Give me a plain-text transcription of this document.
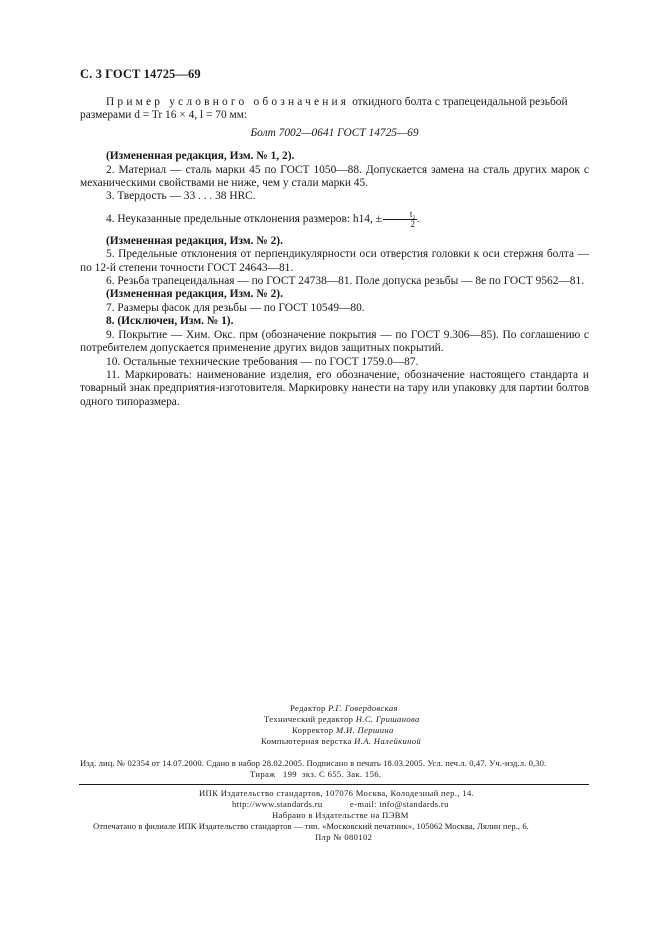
С. 3 ГОСТ 14725—69

Пример условного обозначения откидного болта с трапецеидальной резьбой

размерами d = Tr 16 × 4, l = 70 мм:

Болт 7002—0641 ГОСТ 14725—69

(Измененная редакция, Изм. № 1, 2).

2. Материал — сталь марки 45 по ГОСТ 1050—88. Допускается замена на сталь других марок с механическими свойствами не ниже, чем у стали марки 45.

3. Твердость — 33 . . . 38 HRC.

4. Неуказанные предельные отклонения размеров: h14, ± $\frac{\text{t₂}}{2}$ .

(Измененная редакция, Изм. № 2).

5. Предельные отклонения от перпендикулярности оси отверстия головки к оси стержня болта — по 12-й степени точности ГОСТ 24643—81.

6. Резьба трапецеидальная — по ГОСТ 24738—81. Поле допуска резьбы — 8е по ГОСТ 9562—81.

(Измененная редакция, Изм. № 2).

7. Размеры фасок для резьбы — по ГОСТ 10549—80.

8. (Исключен, Изм. № 1).

9. Покрытие — Хим. Окс. прм (обозначение покрытия — по ГОСТ 9.306—85). По соглашению с потребителем допускается применение других видов защитных покрытий.

10. Остальные технические требования — по ГОСТ 1759.0—87.

11. Маркировать: наименование изделия, его обозначение, обозначение настоящего стандарта и товарный знак предприятия-изготовителя. Маркировку нанести на тару или упаковку для партии болтов одного типоразмера.

Редактор Р.Г. Говердовская
Технический редактор Н.С. Гришанова
Корректор М.И. Першина
Компьютерная верстка И.А. Налейкиной
Изд. лиц. № 02354 от 14.07.2000. Сдано в набор 28.02.2005. Подписано в печать 18.03.2005. Усл. печ.л. 0,47. Уч.-изд.л. 0,30.
Тираж   199  экз. С 655. Зак. 156.
ИПК Издательство стандартов, 107076 Москва, Колодезный пер., 14.
http://www.standards.ru           e-mail: info@standards.ru
Набрано в Издательстве на ПЭВМ
Отпечатано в филиале ИПК Издательство стандартов — тип. «Московский печатник», 105062 Москва, Лялин пер., 6.
Плр № 080102
